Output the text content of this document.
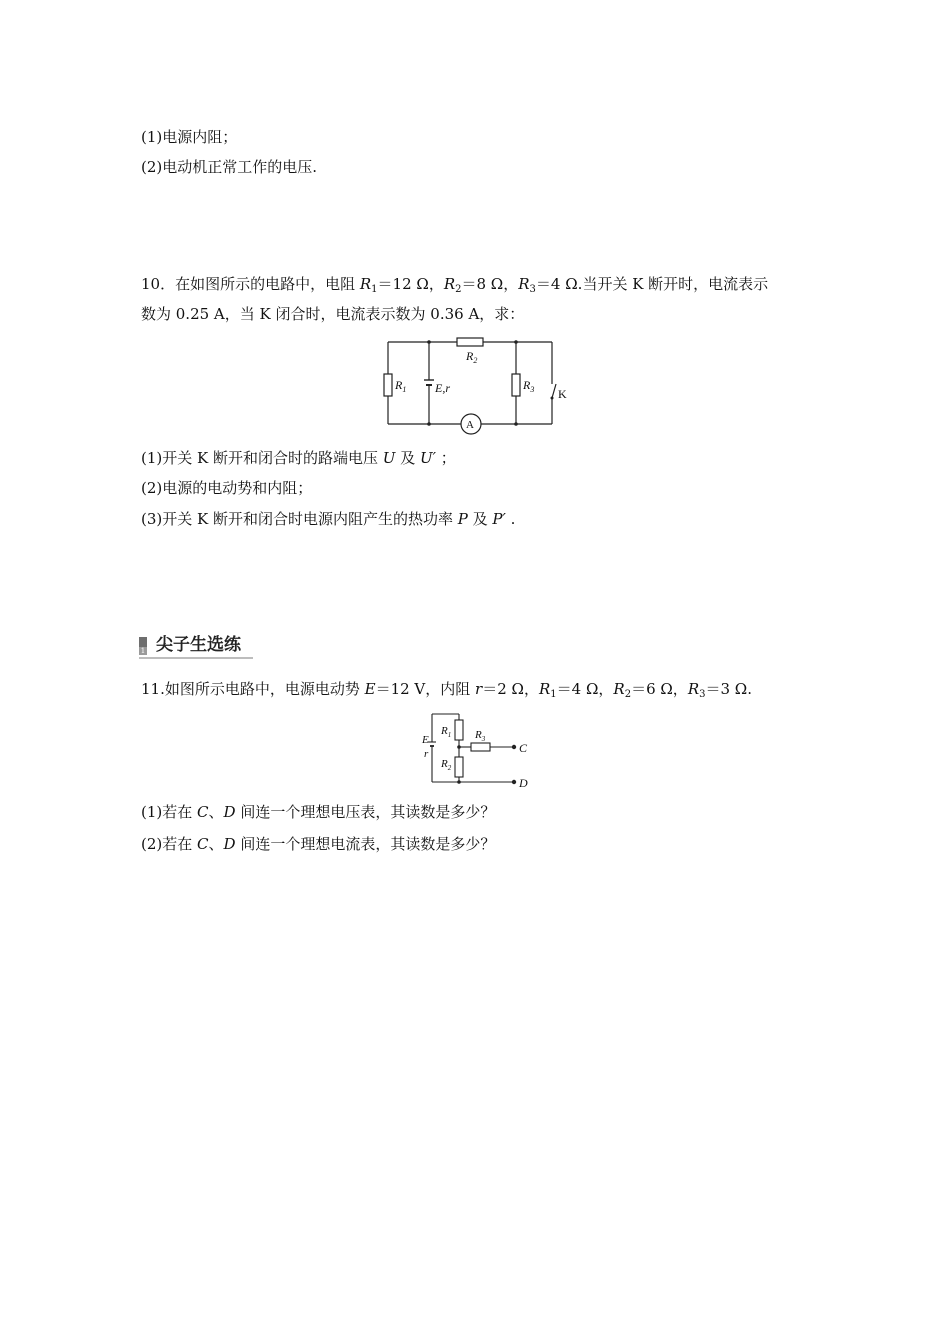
(1)电源内阻；
(2)电动机正常工作的电压.
10．在如图所示的电路中，电阻 $R_1=12$ Ω，$R_2=8$ Ω，$R_3=4$ Ω.当开关 K 断开时，电流表示
数为 0.25 A，当 K 闭合时，电流表示数为 0.36 A，求：
$R_2$
$R_1$ E,r	$R_3$ K
A
(1)开关 K 断开和闭合时的路端电压 U 及 U′ ；
(2)电源的电动势和内阻；
(3)开关 K 断开和闭合时电源内阻产生的热功率 P 及 P′ .
1 尖子生选练
11.如图所示电路中，电源电动势 E＝12 V，内阻 r＝2 Ω，$R_1=4$ Ω，$R_2=6$ Ω，$R_3=3$ Ω.
E
r
$R_1$
$R_2$
$R_3$
C
D
(1)若在 C、D 间连一个理想电压表，其读数是多少？
(2)若在 C、D 间连一个理想电流表，其读数是多少？
